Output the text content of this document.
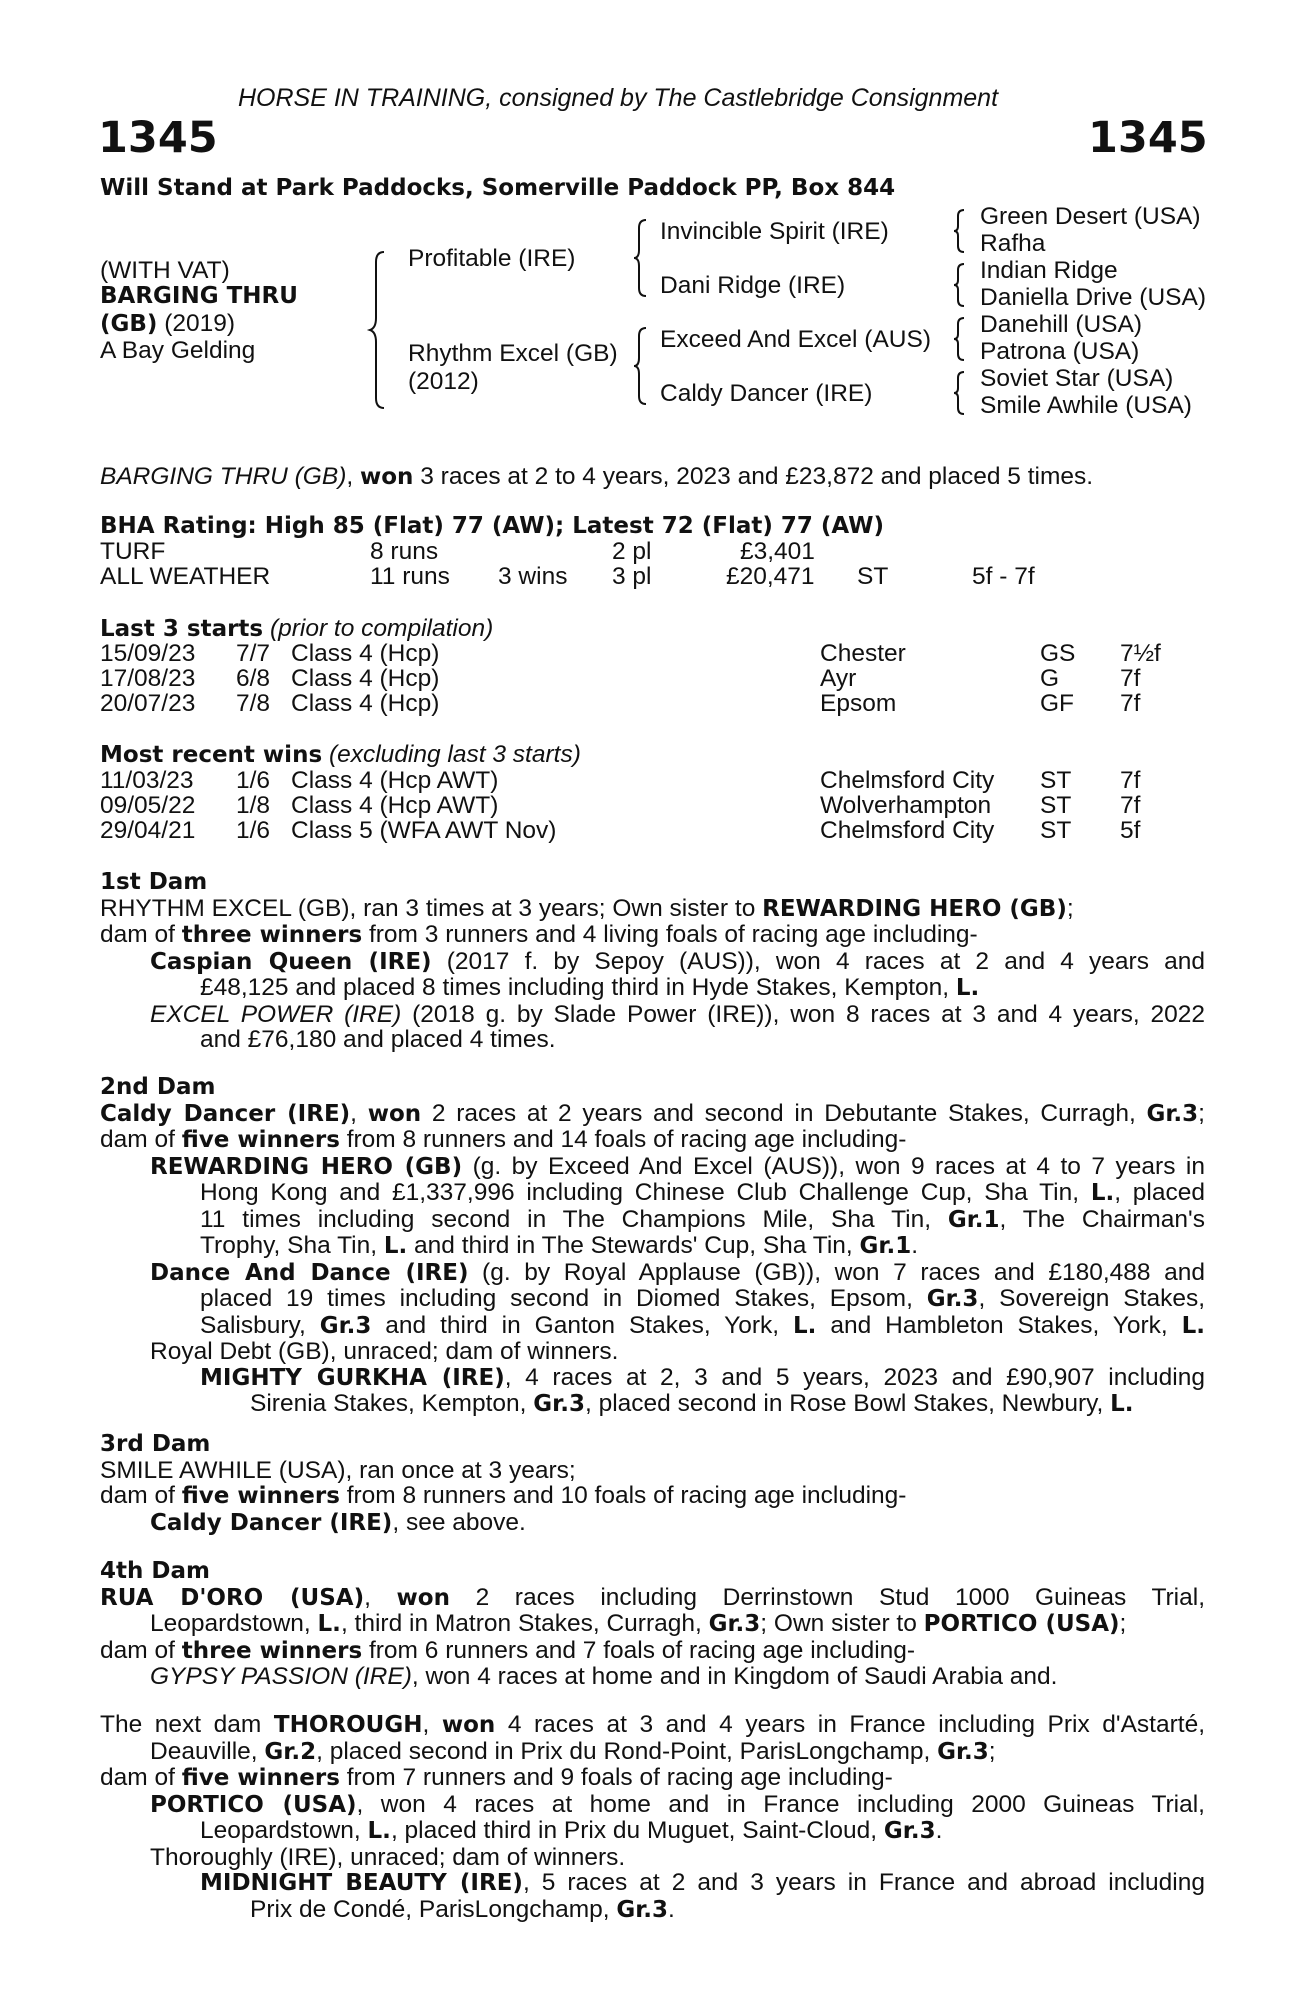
HORSE IN TRAINING, consigned by The Castlebridge Consignment
1345	1345
Will Stand at Park Paddocks, Somerville Paddock PP, Box 844
(WITH VAT)
BARGING THRU
(GB) (2019)
A Bay Gelding
Profitable (IRE)
Rhythm Excel (GB)
(2012)
Invincible Spirit (IRE)
Dani Ridge (IRE)
Exceed And Excel (AUS)
Caldy Dancer (IRE)
Green Desert (USA)
Rafha
Indian Ridge
Daniella Drive (USA)
Danehill (USA)
Patrona (USA)
Soviet Star (USA)
Smile Awhile (USA)
BARGING THRU (GB), won 3 races at 2 to 4 years, 2023 and £23,872 and placed 5 times.
BHA Rating: High 85 (Flat) 77 (AW); Latest 72 (Flat) 77 (AW)
TURF	8 runs	2 pl	£3,401
ALL WEATHER	11 runs 3 wins 3 pl	£20,471 ST	5f - 7f
Last 3 starts (prior to compilation)
15/09/23 7/7 Class 4 (Hcp)	Chester	GS 7½f
17/08/23 6/8 Class 4 (Hcp)	Ayr	G 7f
20/07/23 7/8 Class 4 (Hcp)	Epsom	GF 7f
Most recent wins (excluding last 3 starts)
11/03/23 1/6 Class 4 (Hcp AWT)	Chelmsford City ST 7f
09/05/22 1/8 Class 4 (Hcp AWT)	Wolverhampton ST 7f
29/04/21 1/6 Class 5 (WFA AWT Nov)	Chelmsford City ST 5f
1st Dam
RHYTHM EXCEL (GB), ran 3 times at 3 years; Own sister to REWARDING HERO (GB);
dam of three winners from 3 runners and 4 living foals of racing age including-
Caspian Queen (IRE) (2017 f. by Sepoy (AUS)), won 4 races at 2 and 4 years and
£48,125 and placed 8 times including third in Hyde Stakes, Kempton, L.
EXCEL POWER (IRE) (2018 g. by Slade Power (IRE)), won 8 races at 3 and 4 years, 2022
and £76,180 and placed 4 times.
2nd Dam
Caldy Dancer (IRE), won 2 races at 2 years and second in Debutante Stakes, Curragh, Gr.3;
dam of five winners from 8 runners and 14 foals of racing age including-
REWARDING HERO (GB) (g. by Exceed And Excel (AUS)), won 9 races at 4 to 7 years in
Hong Kong and £1,337,996 including Chinese Club Challenge Cup, Sha Tin, L., placed
11 times including second in The Champions Mile, Sha Tin, Gr.1, The Chairman's
Trophy, Sha Tin, L. and third in The Stewards' Cup, Sha Tin, Gr.1.
Dance And Dance (IRE) (g. by Royal Applause (GB)), won 7 races and £180,488 and
placed 19 times including second in Diomed Stakes, Epsom, Gr.3, Sovereign Stakes,
Salisbury, Gr.3 and third in Ganton Stakes, York, L. and Hambleton Stakes, York, L.
Royal Debt (GB), unraced; dam of winners.
MIGHTY GURKHA (IRE), 4 races at 2, 3 and 5 years, 2023 and £90,907 including
Sirenia Stakes, Kempton, Gr.3, placed second in Rose Bowl Stakes, Newbury, L.
3rd Dam
SMILE AWHILE (USA), ran once at 3 years;
dam of five winners from 8 runners and 10 foals of racing age including-
Caldy Dancer (IRE), see above.
4th Dam
RUA D'ORO (USA), won 2 races including Derrinstown Stud 1000 Guineas Trial,
Leopardstown, L., third in Matron Stakes, Curragh, Gr.3; Own sister to PORTICO (USA);
dam of three winners from 6 runners and 7 foals of racing age including-
GYPSY PASSION (IRE), won 4 races at home and in Kingdom of Saudi Arabia and.
The next dam THOROUGH, won 4 races at 3 and 4 years in France including Prix d'Astarté,
Deauville, Gr.2, placed second in Prix du Rond-Point, ParisLongchamp, Gr.3;
dam of five winners from 7 runners and 9 foals of racing age including-
PORTICO (USA), won 4 races at home and in France including 2000 Guineas Trial,
Leopardstown, L., placed third in Prix du Muguet, Saint-Cloud, Gr.3.
Thoroughly (IRE), unraced; dam of winners.
MIDNIGHT BEAUTY (IRE), 5 races at 2 and 3 years in France and abroad including
Prix de Condé, ParisLongchamp, Gr.3.
